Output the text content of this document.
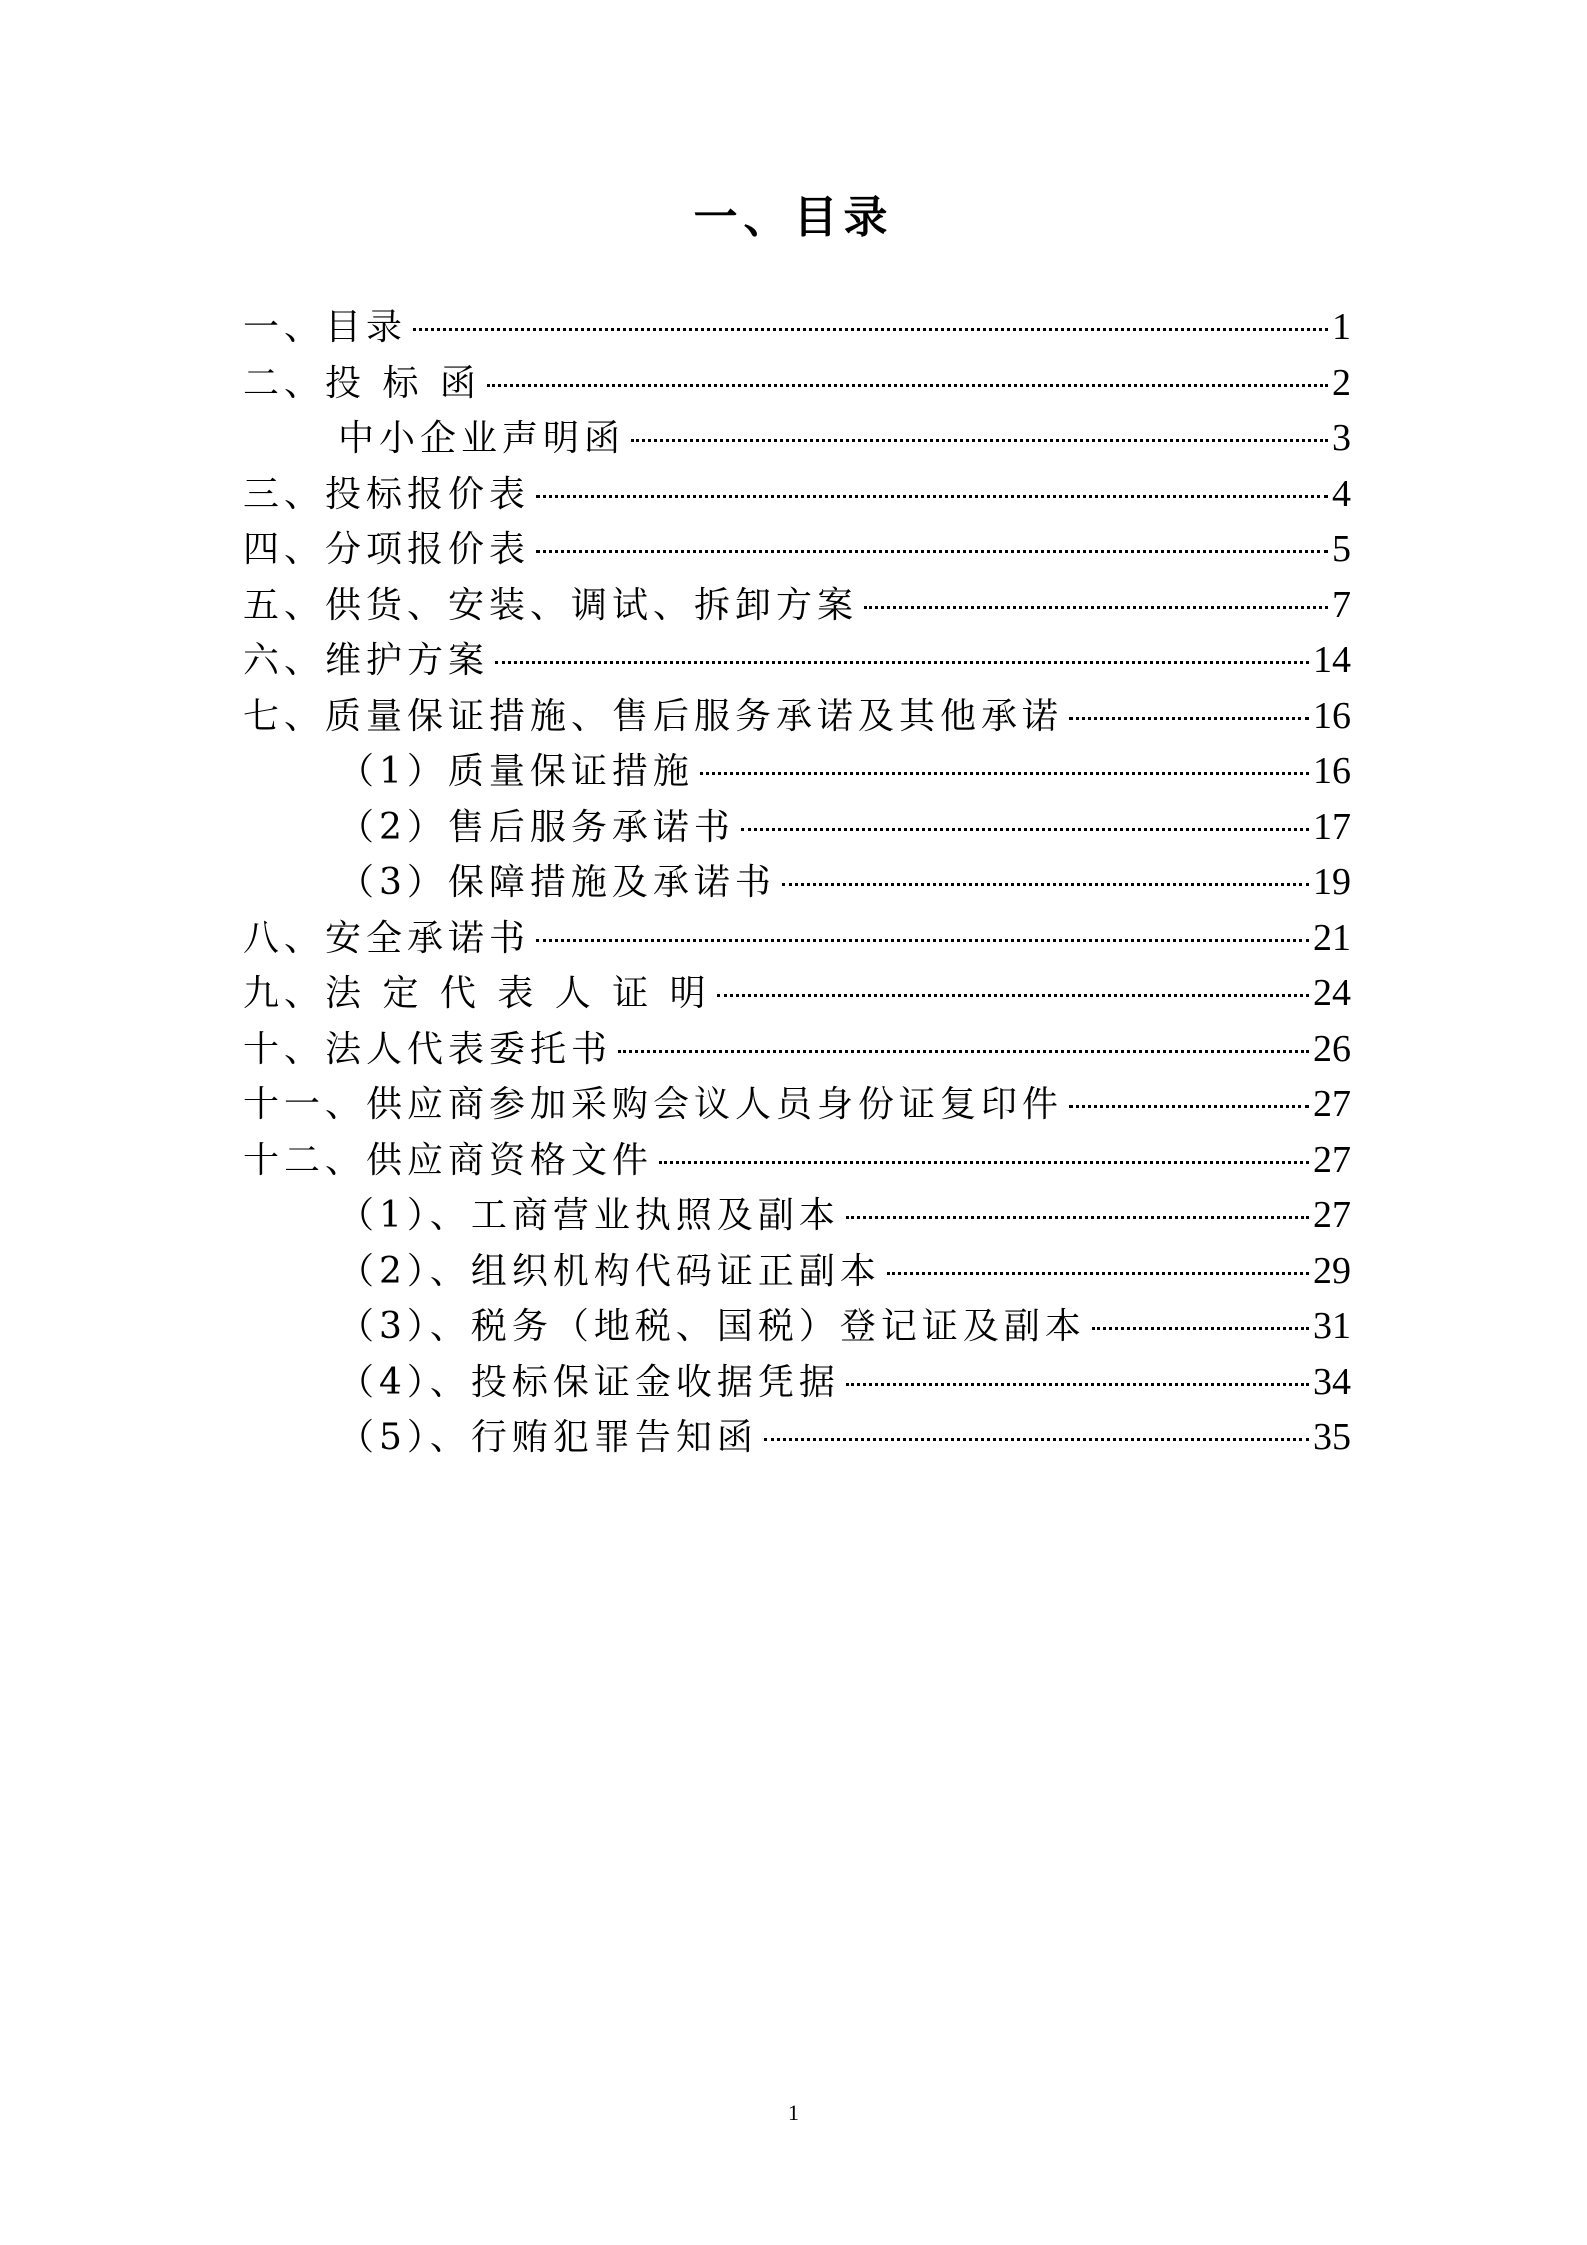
一、目录
一、目录	1
二、投 标 函	2
中小企业声明函	3
三、投标报价表	4
四、分项报价表	5
五、供货、安装、调试、拆卸方案	7
六、维护方案	14
七、质量保证措施、售后服务承诺及其他承诺	16
（1）质量保证措施	16
（2）售后服务承诺书	17
（3）保障措施及承诺书	19
八、安全承诺书	21
九、法 定 代 表 人 证 明	24
十、法人代表委托书	26
十一、供应商参加采购会议人员身份证复印件	27
十二、供应商资格文件	27
（1）、工商营业执照及副本	27
（2）、组织机构代码证正副本	29
（3）、税务（地税、国税）登记证及副本	31
（4）、投标保证金收据凭据	34
（5）、行贿犯罪告知函	35
1
